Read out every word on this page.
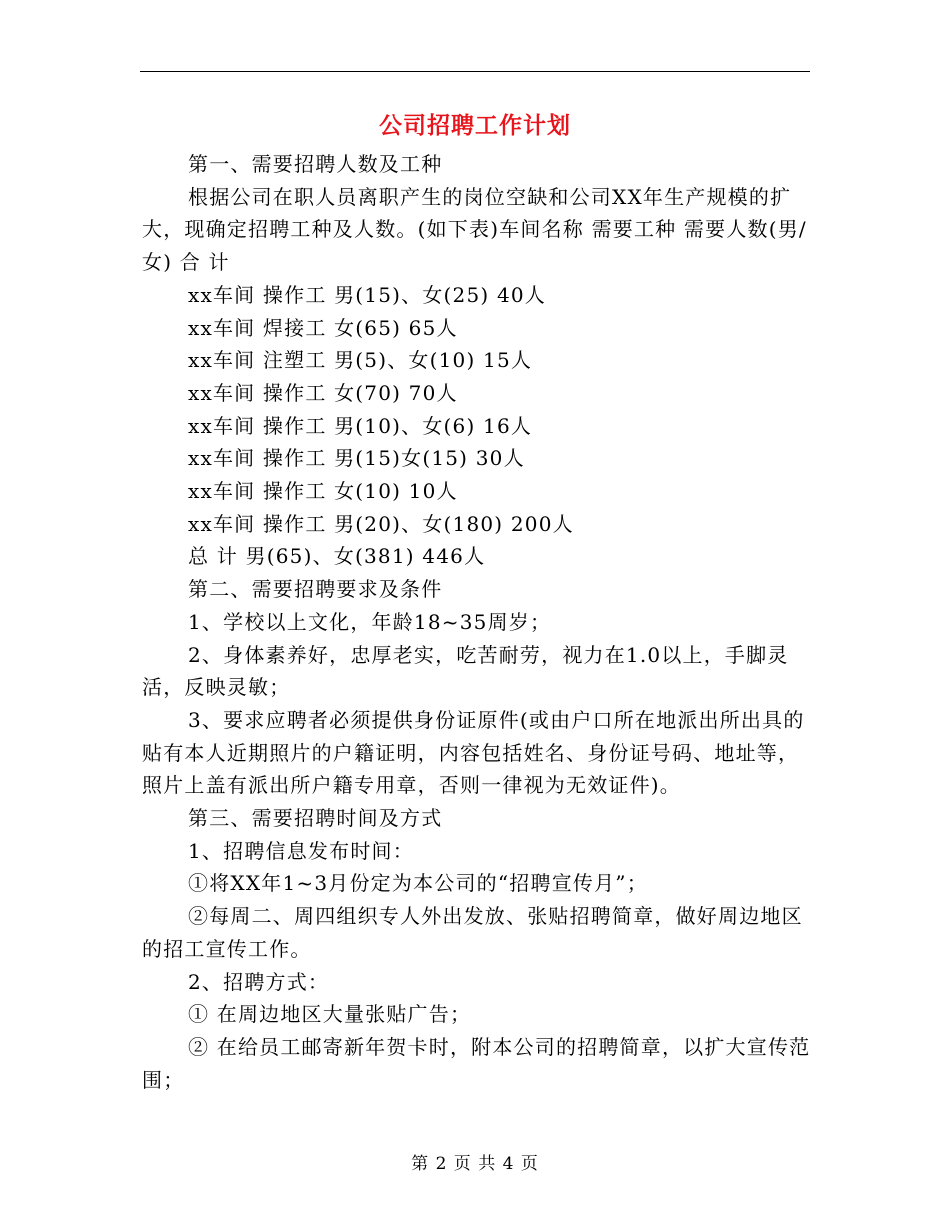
公司招聘工作计划

第一、需要招聘人数及工种

根据公司在职人员离职产生的岗位空缺和公司XX年生产规模的扩大，现确定招聘工种及人数。(如下表)车间名称 需要工种 需要人数(男/女) 合 计

xx车间 操作工 男(15)、女(25) 40人

xx车间 焊接工 女(65) 65人

xx车间 注塑工 男(5)、女(10) 15人

xx车间 操作工 女(70) 70人

xx车间 操作工 男(10)、女(6) 16人

xx车间 操作工 男(15)女(15) 30人

xx车间 操作工 女(10) 10人

xx车间 操作工 男(20)、女(180) 200人

总 计 男(65)、女(381) 446人

第二、需要招聘要求及条件

1、学校以上文化，年龄18~35周岁；

2、身体素养好，忠厚老实，吃苦耐劳，视力在1.0以上，手脚灵活，反映灵敏；

3、要求应聘者必须提供身份证原件(或由户口所在地派出所出具的贴有本人近期照片的户籍证明，内容包括姓名、身份证号码、地址等，照片上盖有派出所户籍专用章，否则一律视为无效证件)。

第三、需要招聘时间及方式

1、招聘信息发布时间：

①将XX年1~3月份定为本公司的“招聘宣传月”；

②每周二、周四组织专人外出发放、张贴招聘简章，做好周边地区的招工宣传工作。

2、招聘方式：

① 在周边地区大量张贴广告；

② 在给员工邮寄新年贺卡时，附本公司的招聘简章，以扩大宣传范围；

第 2 页 共 4 页
